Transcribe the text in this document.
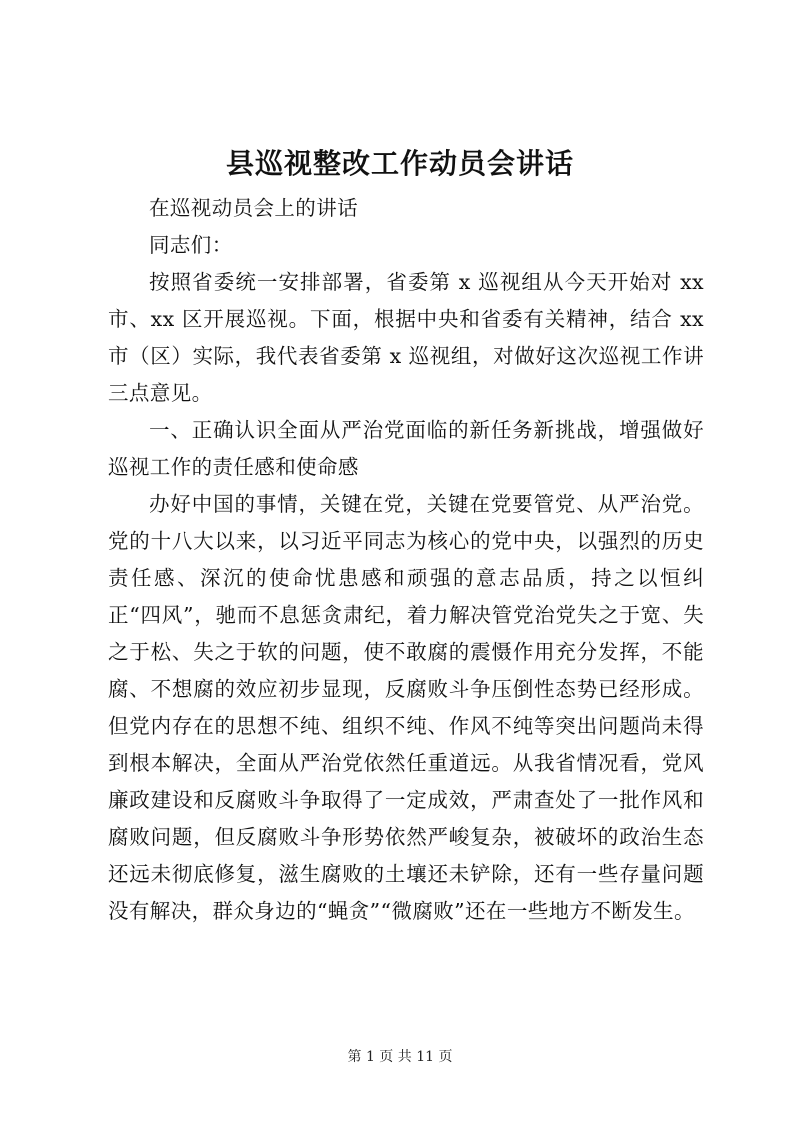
县巡视整改工作动员会讲话

在巡视动员会上的讲话

同志们：

按照省委统一安排部署，省委第 x 巡视组从今天开始对 xx 市、xx 区开展巡视。下面，根据中央和省委有关精神，结合 xx 市（区）实际，我代表省委第 x 巡视组，对做好这次巡视工作讲三点意见。

一、正确认识全面从严治党面临的新任务新挑战，增强做好巡视工作的责任感和使命感

办好中国的事情，关键在党，关键在党要管党、从严治党。党的十八大以来，以习近平同志为核心的党中央，以强烈的历史责任感、深沉的使命忧患感和顽强的意志品质，持之以恒纠正“四风”，驰而不息惩贪肃纪，着力解决管党治党失之于宽、失之于松、失之于软的问题，使不敢腐的震慑作用充分发挥，不能腐、不想腐的效应初步显现，反腐败斗争压倒性态势已经形成。但党内存在的思想不纯、组织不纯、作风不纯等突出问题尚未得到根本解决，全面从严治党依然任重道远。从我省情况看，党风廉政建设和反腐败斗争取得了一定成效，严肃查处了一批作风和腐败问题，但反腐败斗争形势依然严峻复杂，被破坏的政治生态还远未彻底修复，滋生腐败的土壤还未铲除，还有一些存量问题没有解决，群众身边的“蝇贪”“微腐败”还在一些地方不断发生。

第 1 页 共 11 页
